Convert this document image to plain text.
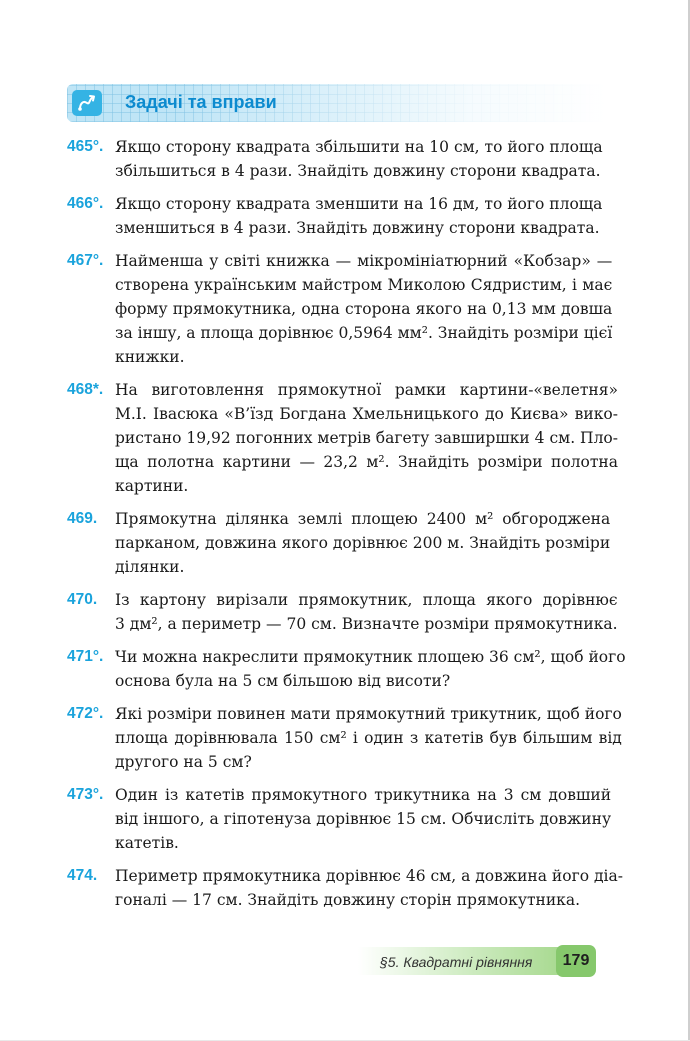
Задачі та вправи
465°. Якщо сторону квадрата збільшити на 10 см, то його площа
збільшиться в 4 рази. Знайдіть довжину сторони квадрата.
466°. Якщо сторону квадрата зменшити на 16 дм, то його площа
зменшиться в 4 рази. Знайдіть довжину сторони квадрата.
467°. Найменша у світі книжка — мікромініатюрний «Кобзар» —
створена українським майстром Миколою Сядристим, і має
форму прямокутника, одна сторона якого на 0,13 мм довша
за іншу, а площа дорівнює 0,5964 мм². Знайдіть розміри цієї
книжки.
468*. На виготовлення прямокутної рамки картини-«велетня»
М.І. Івасюка «В’їзд Богдана Хмельницького до Києва» вико-
ристано 19,92 погонних метрів багету завширшки 4 см. Пло-
ща полотна картини — 23,2 м². Знайдіть розміри полотна
картини.
469.	Прямокутна ділянка землі площею 2400 м² обгороджена
парканом, довжина якого дорівнює 200 м. Знайдіть розміри
ділянки.
470.	Із картону вирізали прямокутник, площа якого дорівнює
3 дм², а периметр — 70 см. Визначте розміри прямокутника.
471°. Чи можна накреслити прямокутник площею 36 см², щоб його
основа була на 5 см більшою від висоти?
472°. Які розміри повинен мати прямокутний трикутник, щоб його
площа дорівнювала 150 см² і один з катетів був більшим від
другого на 5 см?
473°. Один із катетів прямокутного трикутника на 3 см довший
від іншого, а гіпотенуза дорівнює 15 см. Обчисліть довжину
катетів.
474.	Периметр прямокутника дорівнює 46 см, а довжина його діа-
гоналі — 17 см. Знайдіть довжину сторін прямокутника.
§5. Квадратні рівняння	179
